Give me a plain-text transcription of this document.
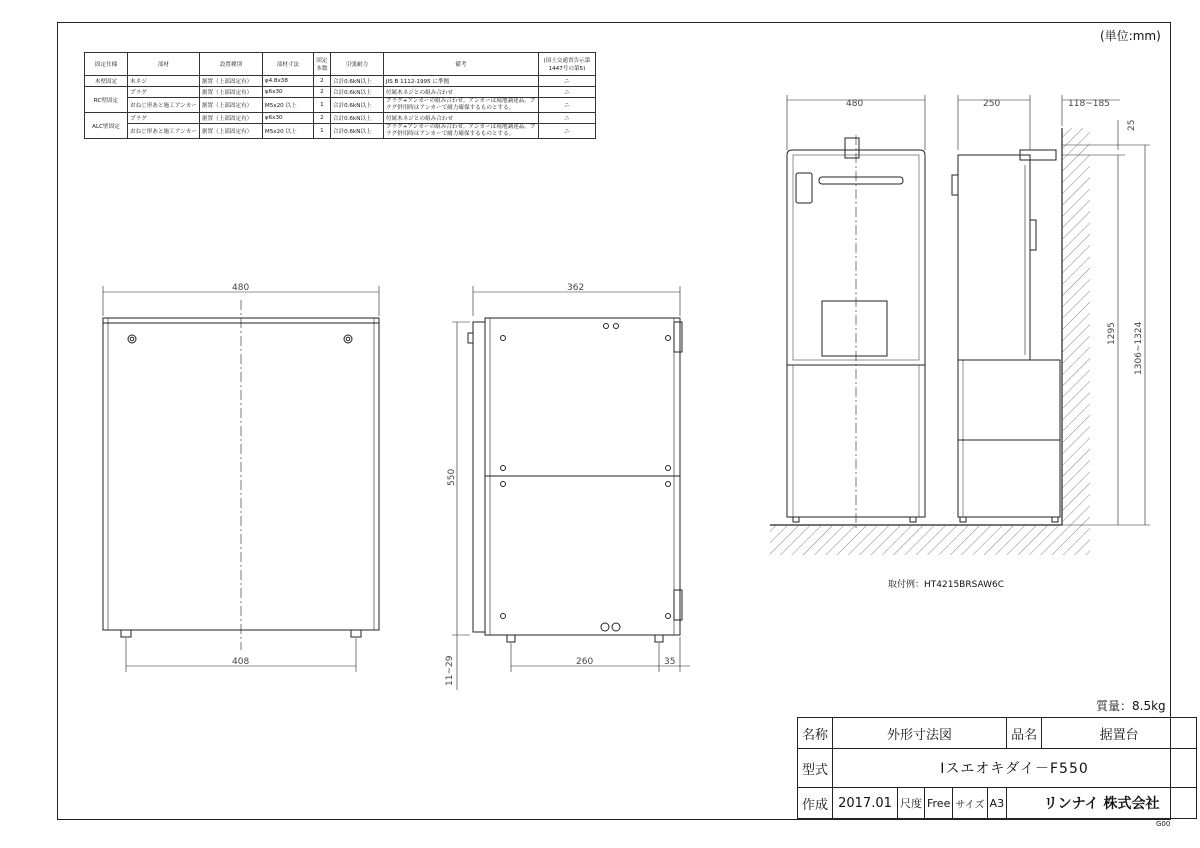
(単位:mm)
G00
質量：8.5kg
取付例：HT4215BRSAW6C
固定仕様	部材	設置種別	部材寸法	固定本数	引張耐力	備考	(国土交通省告示第1447号の第5)
木壁固定	木ネジ	据置（上部固定有）	φ4.8x38	2	合計0.6kN以上	JIS B 1112-1995 に準拠	ニ
RC壁固定	プラグ	据置（上部固定有）	φ6x30	2	合計0.6kN以上	付属木ネジとの組み合わせ	ニ
	おねじ形あと施工アンカー	据置（上部固定有）	M5x20 以上	1	合計0.6kN以上	プラグ+アンカーの組み合わせ。アンカーは現地調達品。プラグ併用時はアンカーで耐力確保するものとする。	ニ
ALC壁固定	プラグ	据置（上部固定有）	φ6x30	2	合計0.6kN以上	付属木ネジとの組み合わせ	ニ
	おねじ形あと施工アンカー	据置（上部固定有）	M5x20 以上	1	合計0.6kN以上	プラグ+アンカーの組み合わせ。アンカーは現地調達品。プラグ併用時はアンカーで耐力確保するものとする。	ニ
480
408
362
550
260	35
11~29
480	250	118~185
25
1295 1306~1324
名称	外形寸法図					品名	据置台
型式	Iスエオキダイ－F550						
作成	2017.01	尺度	Free	サイズ	A3	リンナイ 株式会社	
